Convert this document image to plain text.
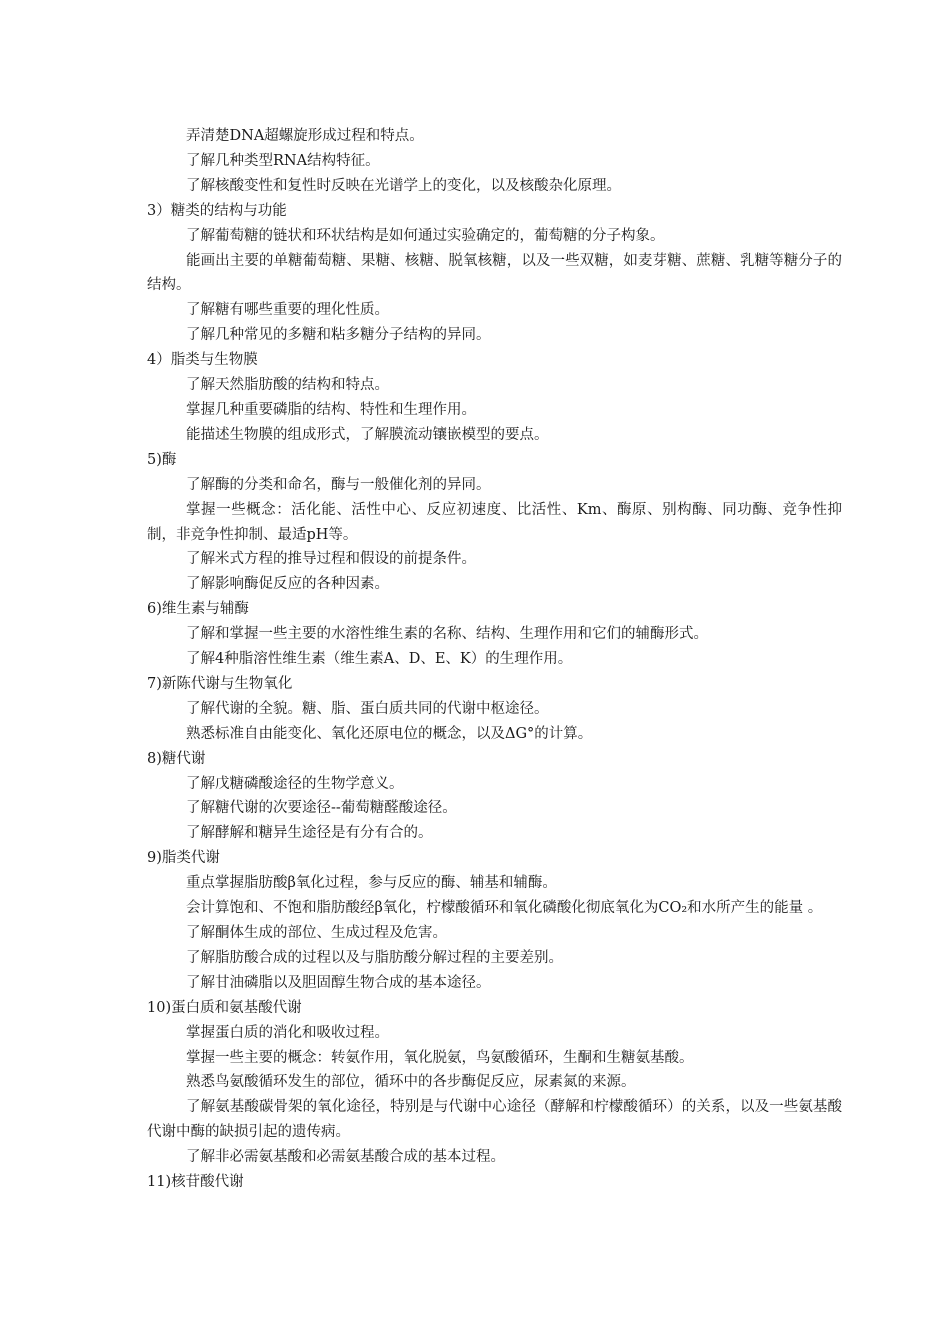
弄清楚DNA超螺旋形成过程和特点。

了解几种类型RNA结构特征。

了解核酸变性和复性时反映在光谱学上的变化，以及核酸杂化原理。

3）糖类的结构与功能

了解葡萄糖的链状和环状结构是如何通过实验确定的，葡萄糖的分子构象。

能画出主要的单糖葡萄糖、果糖、核糖、脱氧核糖，以及一些双糖，如麦芽糖、蔗糖、乳糖等糖分子的结构。

了解糖有哪些重要的理化性质。

了解几种常见的多糖和粘多糖分子结构的异同。

4）脂类与生物膜

了解天然脂肪酸的结构和特点。

掌握几种重要磷脂的结构、特性和生理作用。

能描述生物膜的组成形式，了解膜流动镶嵌模型的要点。

5)酶

了解酶的分类和命名，酶与一般催化剂的异同。

掌握一些概念：活化能、活性中心、反应初速度、比活性、Km、酶原、别构酶、同功酶、竞争性抑制，非竞争性抑制、最适pH等。

了解米式方程的推导过程和假设的前提条件。

了解影响酶促反应的各种因素。

6)维生素与辅酶

了解和掌握一些主要的水溶性维生素的名称、结构、生理作用和它们的辅酶形式。

了解4种脂溶性维生素（维生素A、D、E、K）的生理作用。

7)新陈代谢与生物氧化

了解代谢的全貌。糖、脂、蛋白质共同的代谢中枢途径。

熟悉标准自由能变化、氧化还原电位的概念，以及ΔG°的计算。

8)糖代谢

了解戊糖磷酸途径的生物学意义。

了解糖代谢的次要途径--葡萄糖醛酸途径。

了解酵解和糖异生途径是有分有合的。

9)脂类代谢

重点掌握脂肪酸β氧化过程，参与反应的酶、辅基和辅酶。

会计算饱和、不饱和脂肪酸经β氧化，柠檬酸循环和氧化磷酸化彻底氧化为CO₂和水所产生的能量 。

了解酮体生成的部位、生成过程及危害。

了解脂肪酸合成的过程以及与脂肪酸分解过程的主要差别。

了解甘油磷脂以及胆固醇生物合成的基本途径。

10)蛋白质和氨基酸代谢

掌握蛋白质的消化和吸收过程。

掌握一些主要的概念：转氨作用，氧化脱氨，鸟氨酸循环，生酮和生糖氨基酸。

熟悉鸟氨酸循环发生的部位，循环中的各步酶促反应，尿素氮的来源。

了解氨基酸碳骨架的氧化途径，特别是与代谢中心途径（酵解和柠檬酸循环）的关系，以及一些氨基酸代谢中酶的缺损引起的遗传病。

了解非必需氨基酸和必需氨基酸合成的基本过程。

11)核苷酸代谢
